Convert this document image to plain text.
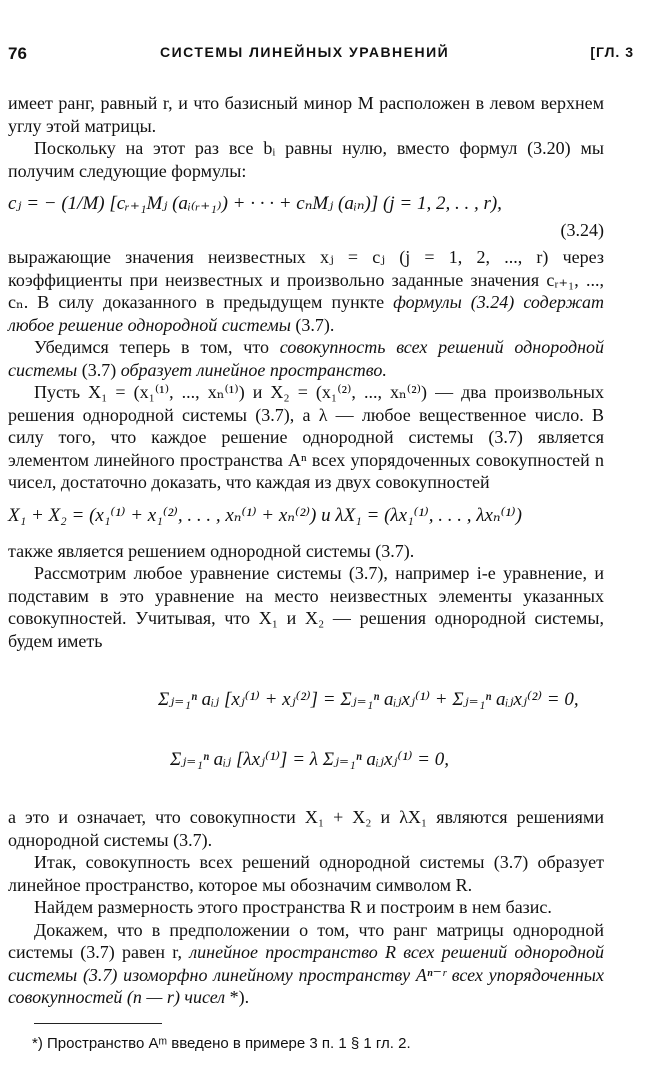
76	СИСТЕМЫ ЛИНЕЙНЫХ УРАВНЕНИЙ	[ГЛ. 3

имеет ранг, равный r, и что базисный минор M расположен в левом верхнем углу этой матрицы.

Поскольку на этот раз все bᵢ равны нулю, вместо формул (3.20) мы получим следующие формулы:

cⱼ = − (1/M) [cᵣ₊₁Mⱼ (aᵢ₍ᵣ₊₁₎) + · · · + cₙMⱼ (aᵢₙ)] (j = 1, 2, . . , r),
(3.24)

выражающие значения неизвестных xⱼ = cⱼ (j = 1, 2, ..., r) через коэффициенты при неизвестных и произвольно заданные значения cᵣ₊₁, ..., cₙ. В силу доказанного в предыдущем пункте формулы (3.24) содержат любое решение однородной системы (3.7).

Убедимся теперь в том, что совокупность всех решений однородной системы (3.7) образует линейное пространство.

Пусть X₁ = (x₁⁽¹⁾, ..., xₙ⁽¹⁾) и X₂ = (x₁⁽²⁾, ..., xₙ⁽²⁾) — два произвольных решения однородной системы (3.7), а λ — любое вещественное число. В силу того, что каждое решение однородной системы (3.7) является элементом линейного пространства Aⁿ всех упорядоченных совокупностей n чисел, достаточно доказать, что каждая из двух совокупностей

X₁ + X₂ = (x₁⁽¹⁾ + x₁⁽²⁾, . . . , xₙ⁽¹⁾ + xₙ⁽²⁾) и λX₁ = (λx₁⁽¹⁾, . . . , λxₙ⁽¹⁾)

также является решением однородной системы (3.7).

Рассмотрим любое уравнение системы (3.7), например i-е уравнение, и подставим в это уравнение на место неизвестных элементы указанных совокупностей. Учитывая, что X₁ и X₂ — решения однородной системы, будем иметь

Σⱼ₌₁ⁿ aᵢⱼ [xⱼ⁽¹⁾ + xⱼ⁽²⁾] = Σⱼ₌₁ⁿ aᵢⱼxⱼ⁽¹⁾ + Σⱼ₌₁ⁿ aᵢⱼxⱼ⁽²⁾ = 0,
Σⱼ₌₁ⁿ aᵢⱼ [λxⱼ⁽¹⁾] = λ Σⱼ₌₁ⁿ aᵢⱼxⱼ⁽¹⁾ = 0,

а это и означает, что совокупности X₁ + X₂ и λX₁ являются решениями однородной системы (3.7).

Итак, совокупность всех решений однородной системы (3.7) образует линейное пространство, которое мы обозначим символом R.

Найдем размерность этого пространства R и построим в нем базис.

Докажем, что в предположении о том, что ранг матрицы однородной системы (3.7) равен r, линейное пространство R всех решений однородной системы (3.7) изоморфно линейному пространству Aⁿ⁻ʳ всех упорядоченных совокупностей (n — r) чисел *).

*) Пространство Aᵐ введено в примере 3 п. 1 § 1 гл. 2.
